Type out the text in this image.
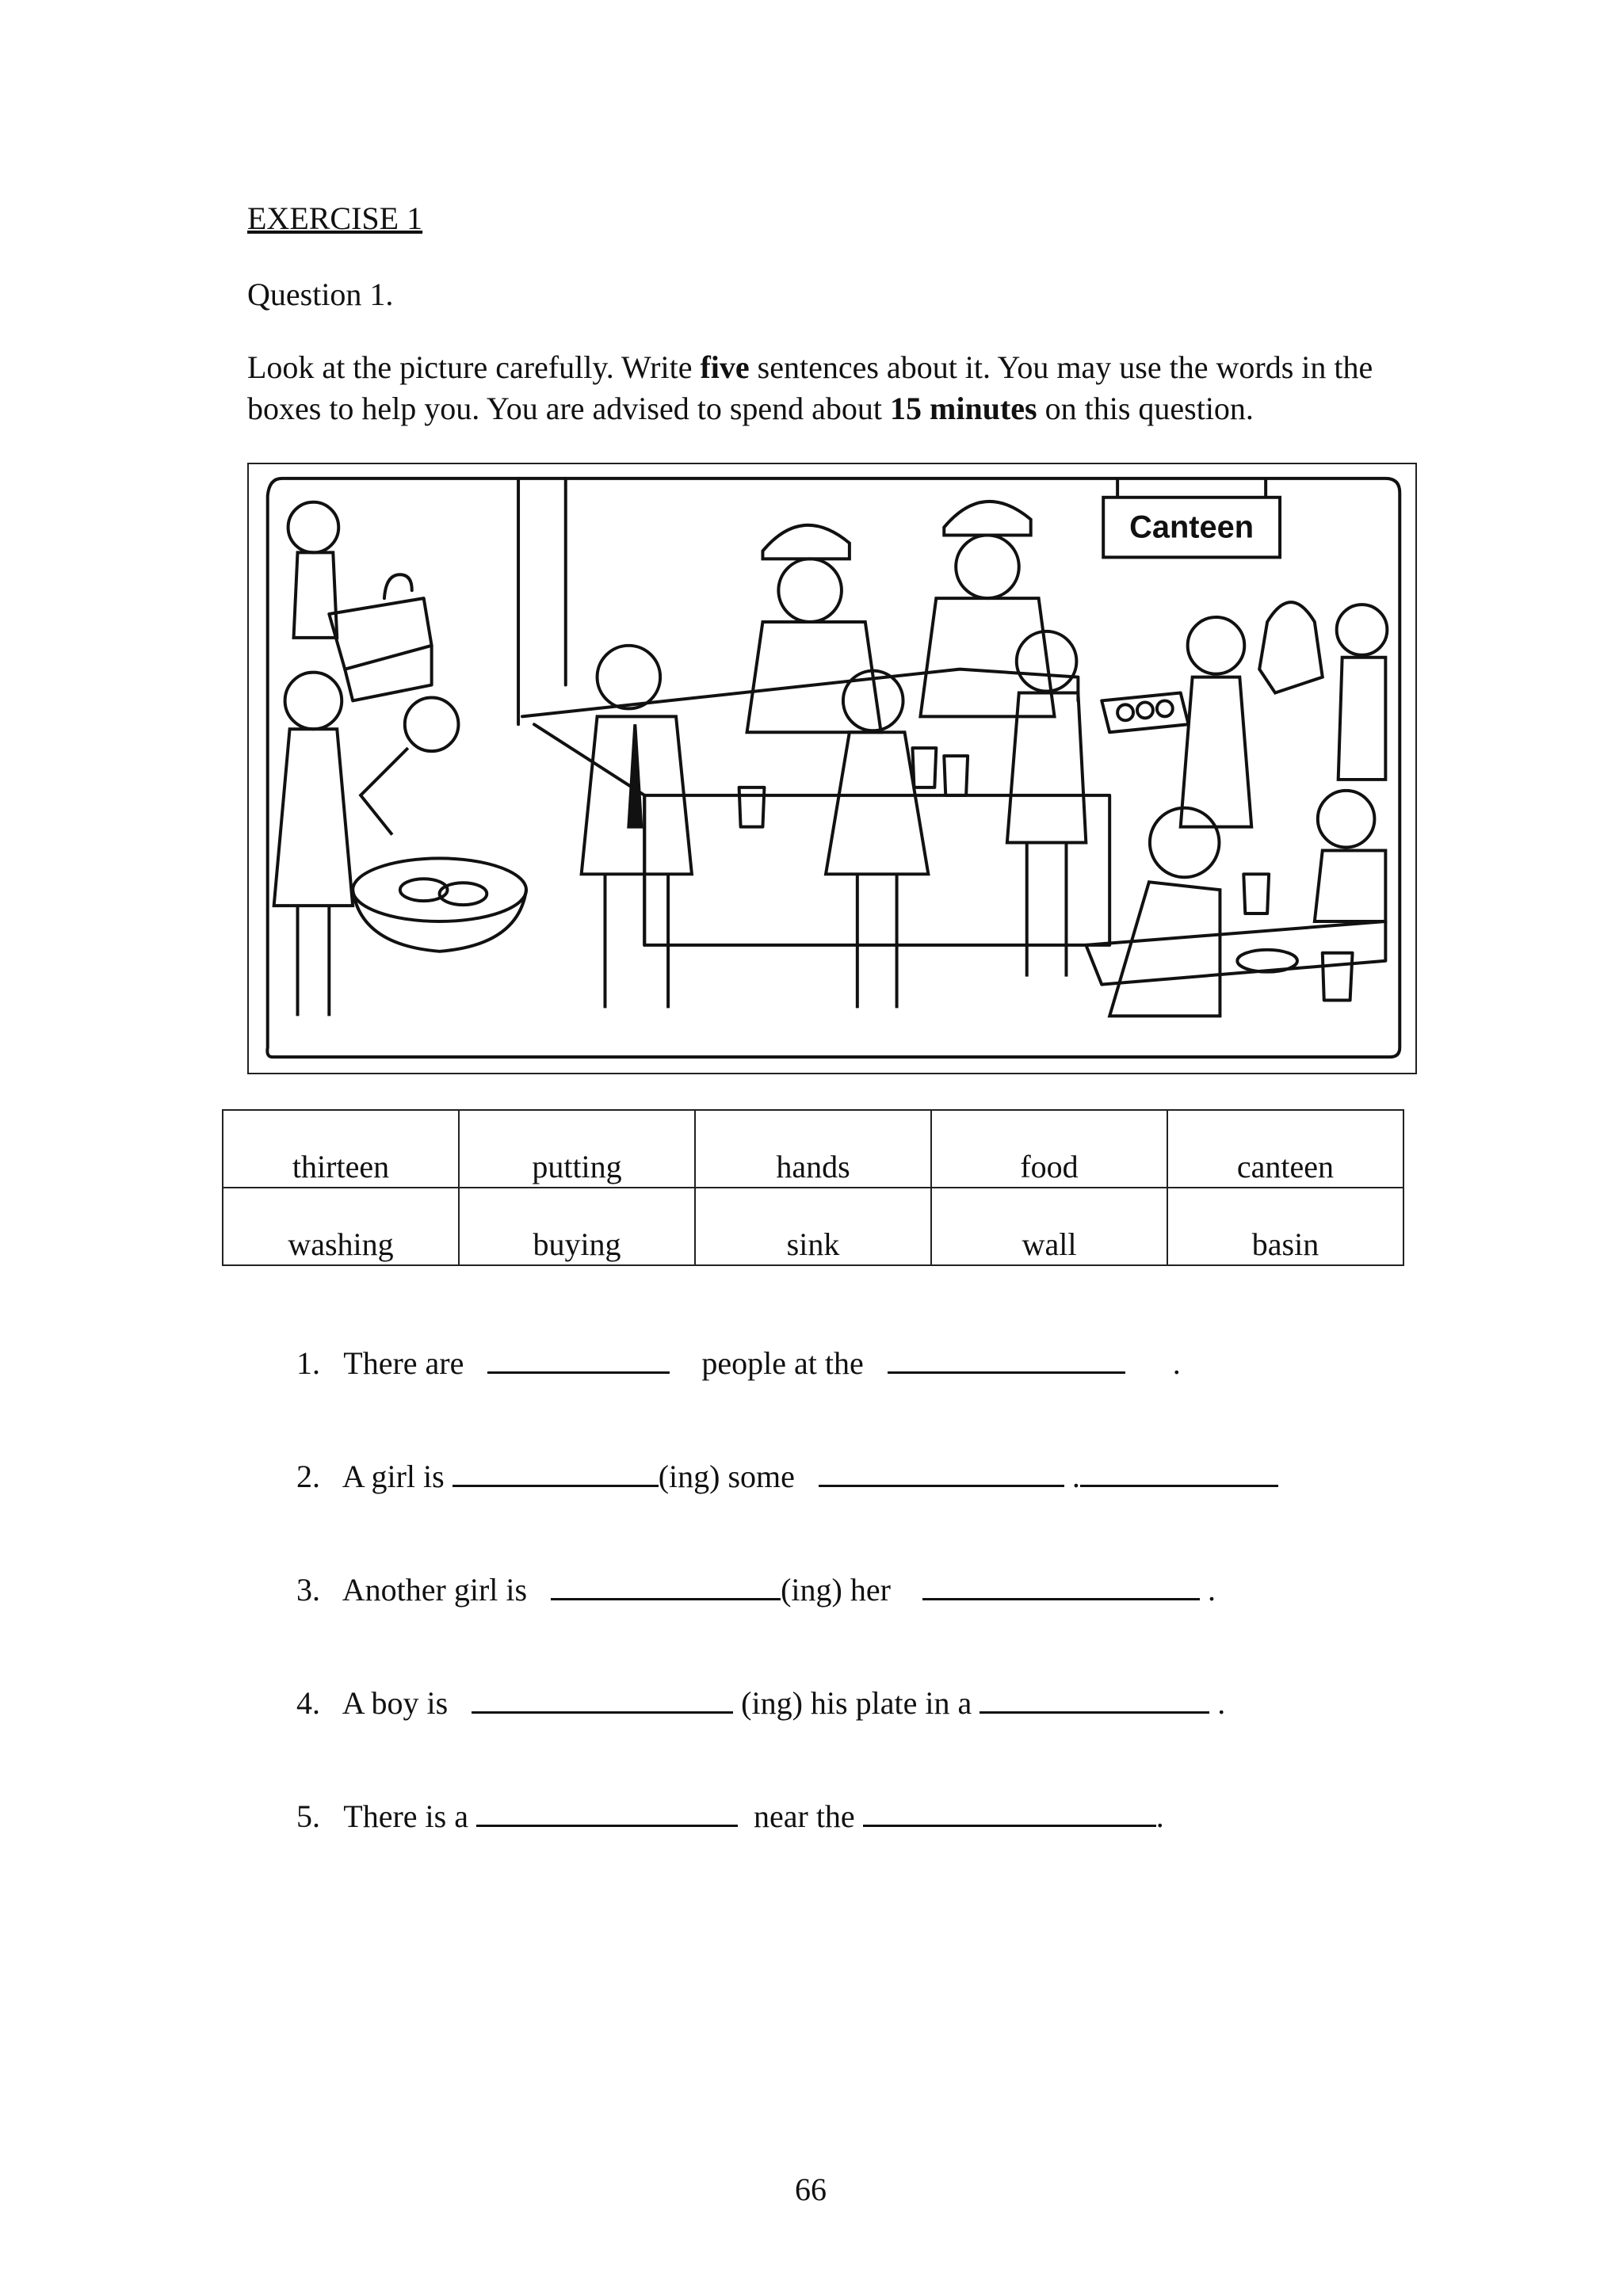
EXERCISE 1
Question 1.
Look at the picture carefully. Write five sentences about it. You may use the words in the boxes to help you. You are advised to spend about 15 minutes on this question.
Canteen
thirteen	putting	hands	food	canteen
washing	buying	sink	wall	basin
1. There are	people at the	.
2. A girl is	(ing) some	.
3. Another girl is	(ing) her	.
4. A boy is	(ing) his plate in a	.
5. There is a	near the	.
66
